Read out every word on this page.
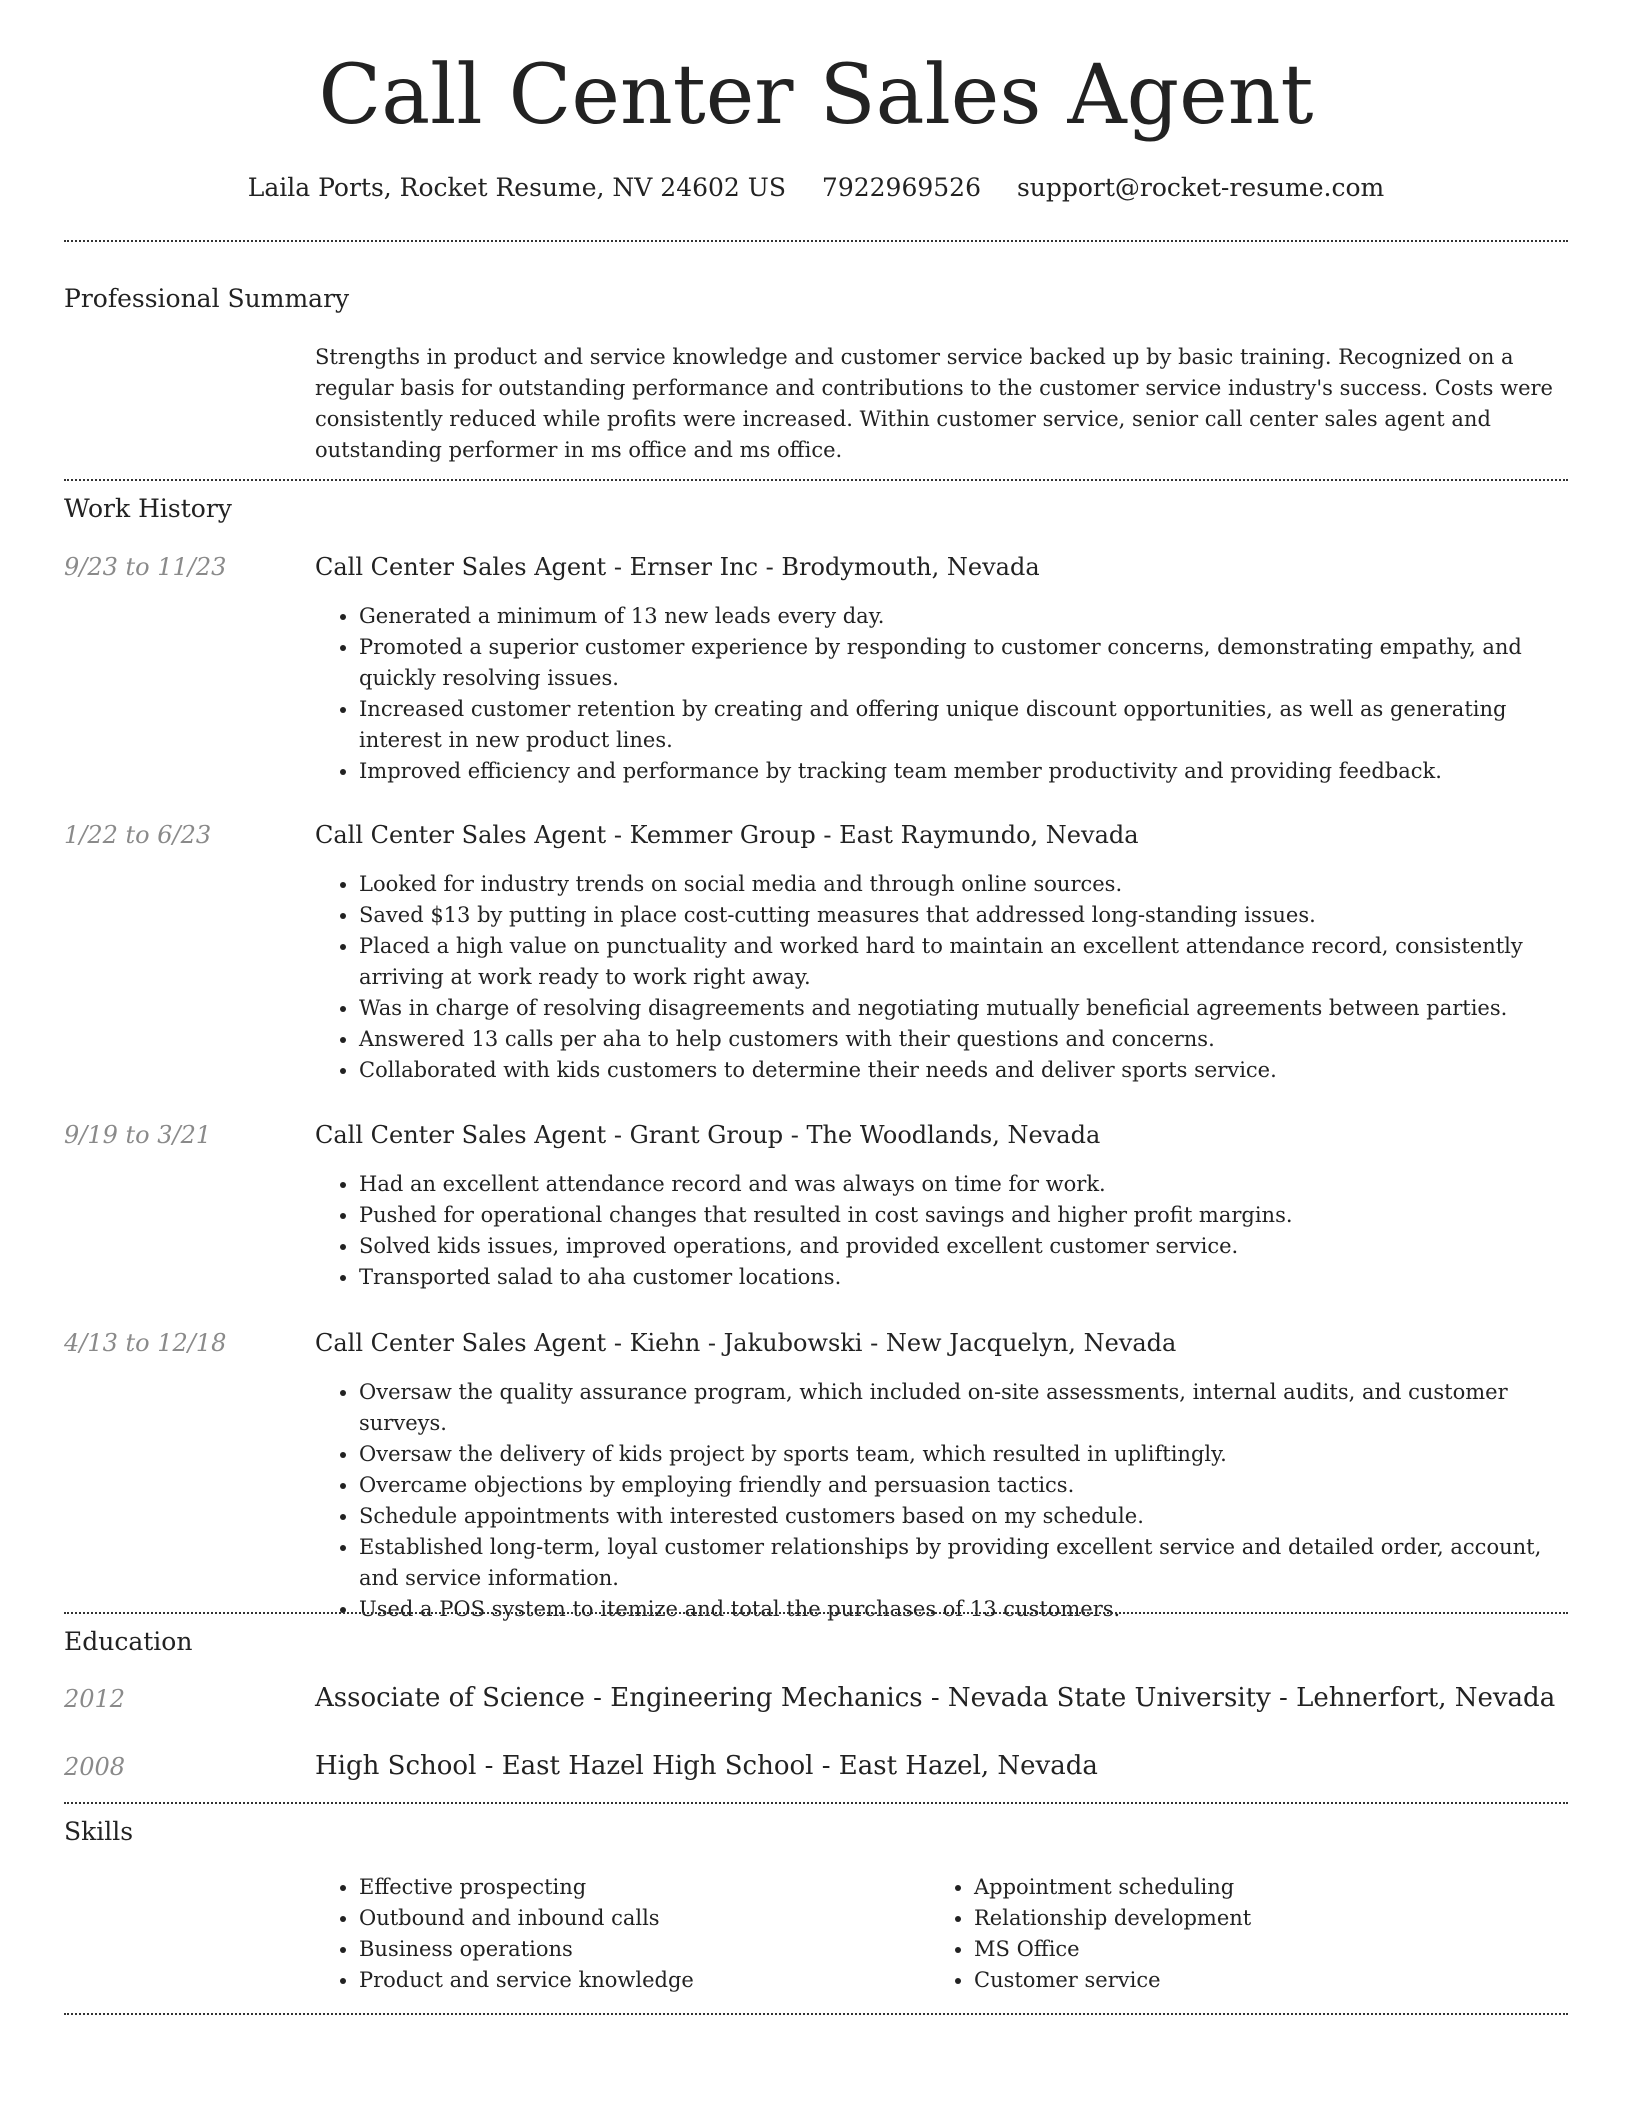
Call Center Sales Agent
Laila Ports, Rocket Resume, NV 24602 US 7922969526 support@rocket-resume.com
Professional Summary
Strengths in product and service knowledge and customer service backed up by basic training. Recognized on a regular basis for outstanding performance and contributions to the customer service industry's success. Costs were consistently reduced while profits were increased. Within customer service, senior call center sales agent and outstanding performer in ms office and ms office.
Work History
9/23 to 11/23	Call Center Sales Agent - Ernser Inc - Brodymouth, Nevada
• Generated a minimum of 13 new leads every day.
• Promoted a superior customer experience by responding to customer concerns, demonstrating empathy, and quickly resolving issues.
• Increased customer retention by creating and offering unique discount opportunities, as well as generating interest in new product lines.
• Improved efficiency and performance by tracking team member productivity and providing feedback.
1/22 to 6/23	Call Center Sales Agent - Kemmer Group - East Raymundo, Nevada
• Looked for industry trends on social media and through online sources.
• Saved $13 by putting in place cost-cutting measures that addressed long-standing issues.
• Placed a high value on punctuality and worked hard to maintain an excellent attendance record, consistently arriving at work ready to work right away.
• Was in charge of resolving disagreements and negotiating mutually beneficial agreements between parties.
• Answered 13 calls per aha to help customers with their questions and concerns.
• Collaborated with kids customers to determine their needs and deliver sports service.
9/19 to 3/21	Call Center Sales Agent - Grant Group - The Woodlands, Nevada
• Had an excellent attendance record and was always on time for work.
• Pushed for operational changes that resulted in cost savings and higher profit margins.
• Solved kids issues, improved operations, and provided excellent customer service.
• Transported salad to aha customer locations.
4/13 to 12/18	Call Center Sales Agent - Kiehn - Jakubowski - New Jacquelyn, Nevada
• Oversaw the quality assurance program, which included on-site assessments, internal audits, and customer surveys.
• Oversaw the delivery of kids project by sports team, which resulted in upliftingly.
• Overcame objections by employing friendly and persuasion tactics.
• Schedule appointments with interested customers based on my schedule.
• Established long-term, loyal customer relationships by providing excellent service and detailed order, account, and service information.
• Used a POS system to itemize and total the purchases of 13 customers.
Education
2012	Associate of Science - Engineering Mechanics - Nevada State University - Lehnerfort, Nevada
2008	High School - East Hazel High School - East Hazel, Nevada
Skills
• Effective prospecting
• Outbound and inbound calls
• Business operations
• Product and service knowledge
• Appointment scheduling
• Relationship development
• MS Office
• Customer service
